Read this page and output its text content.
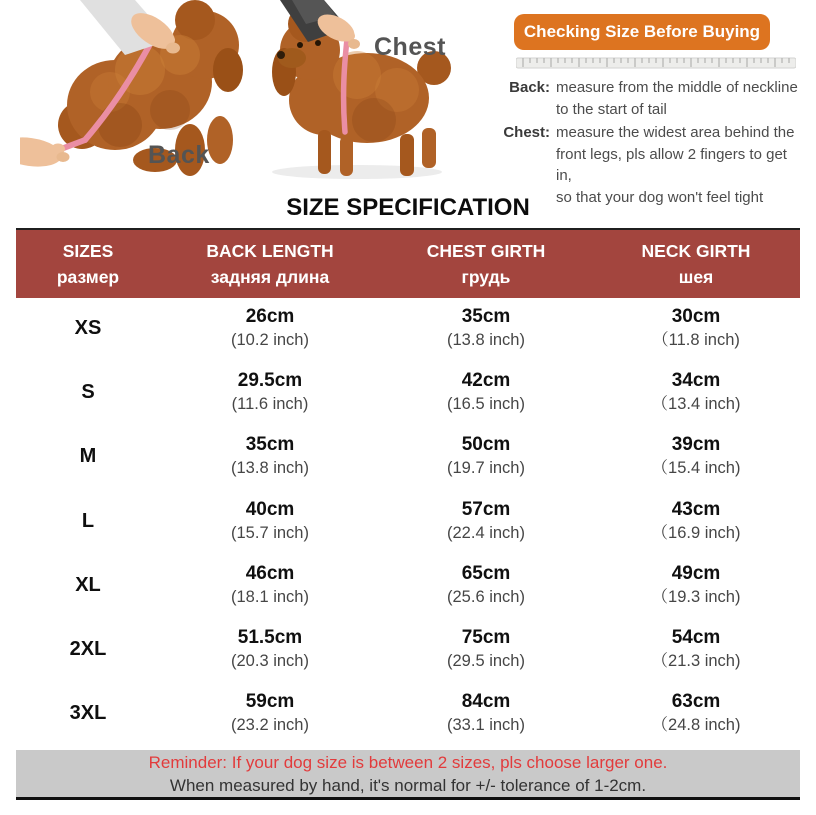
Back
Chest
Checking Size Before Buying
Back: measure from the middle of neckline
to the start of tail
Chest: measure the widest area behind the
front legs, pls allow 2 fingers to get in,
so that your dog won't feel tight
SIZE SPECIFICATION
SIZES
размер
BACK LENGTH
задняя длина
CHEST GIRTH
грудь
NECK GIRTH
шея
XS
26cm
(10.2 inch)
35cm
(13.8 inch)
30cm
（11.8 inch)
S
29.5cm
(11.6 inch)
42cm
(16.5 inch)
34cm
（13.4 inch)
M
35cm
(13.8 inch)
50cm
(19.7 inch)
39cm
（15.4 inch)
L
40cm
(15.7 inch)
57cm
(22.4 inch)
43cm
（16.9 inch)
XL
46cm
(18.1 inch)
65cm
(25.6 inch)
49cm
（19.3 inch)
2XL
51.5cm
(20.3 inch)
75cm
(29.5 inch)
54cm
（21.3 inch)
3XL
59cm
(23.2 inch)
84cm
(33.1 inch)
63cm
（24.8 inch)
Reminder: If your dog size is between 2 sizes, pls choose larger one.
When measured by hand, it's normal for +/- tolerance of 1-2cm.
